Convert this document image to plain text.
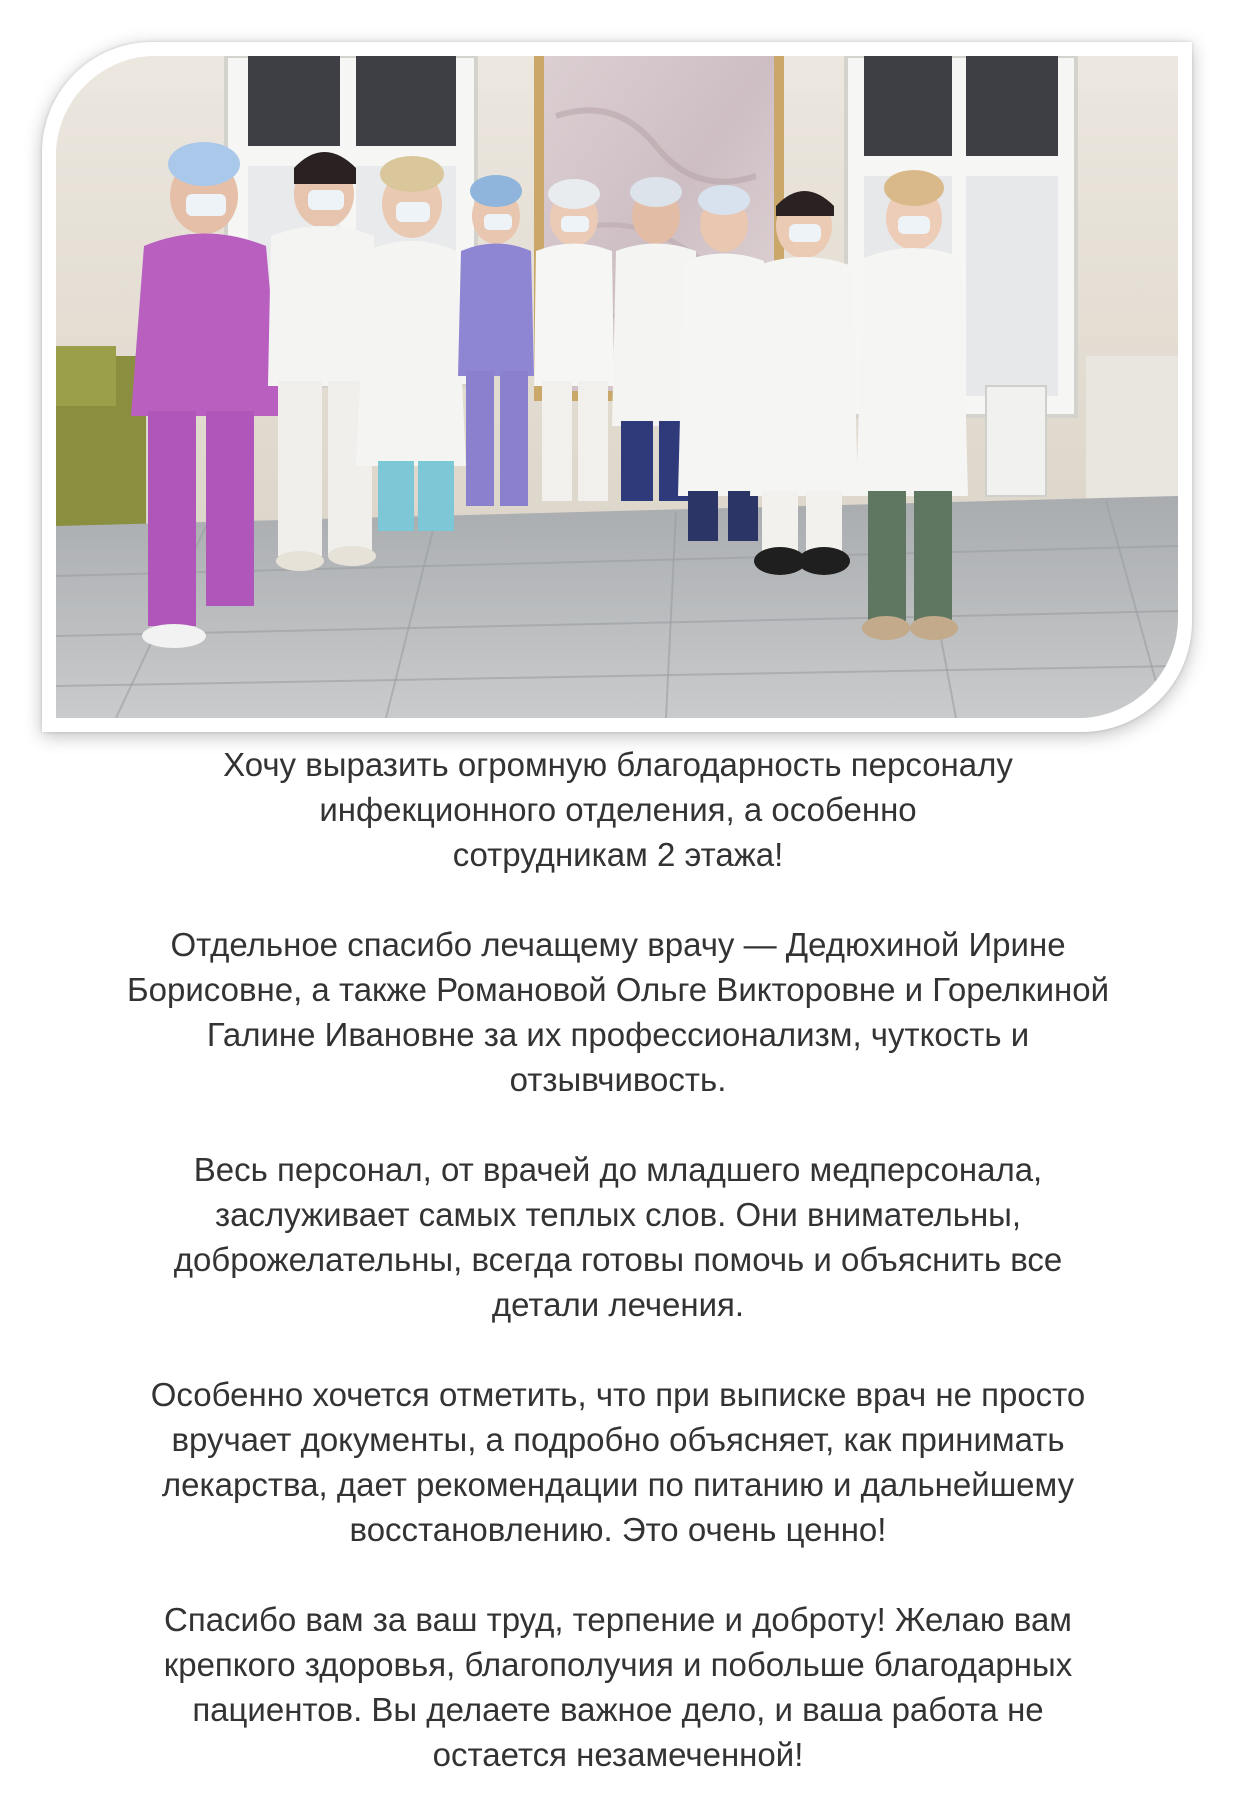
Хочу выразить огромную благодарность персоналу
инфекционного отделения, а особенно
сотрудникам 2 этажа!

Отдельное спасибо лечащему врачу — Дедюхиной Ирине
Борисовне, а также Романовой Ольге Викторовне и Горелкиной
Галине Ивановне за их профессионализм, чуткость и
отзывчивость.

Весь персонал, от врачей до младшего медперсонала,
заслуживает самых теплых слов. Они внимательны,
доброжелательны, всегда готовы помочь и объяснить все
детали лечения.

Особенно хочется отметить, что при выписке врач не просто
вручает документы, а подробно объясняет, как принимать
лекарства, дает рекомендации по питанию и дальнейшему
восстановлению. Это очень ценно!

Спасибо вам за ваш труд, терпение и доброту! Желаю вам
крепкого здоровья, благополучия и побольше благодарных
пациентов. Вы делаете важное дело, и ваша работа не
остается незамеченной!
